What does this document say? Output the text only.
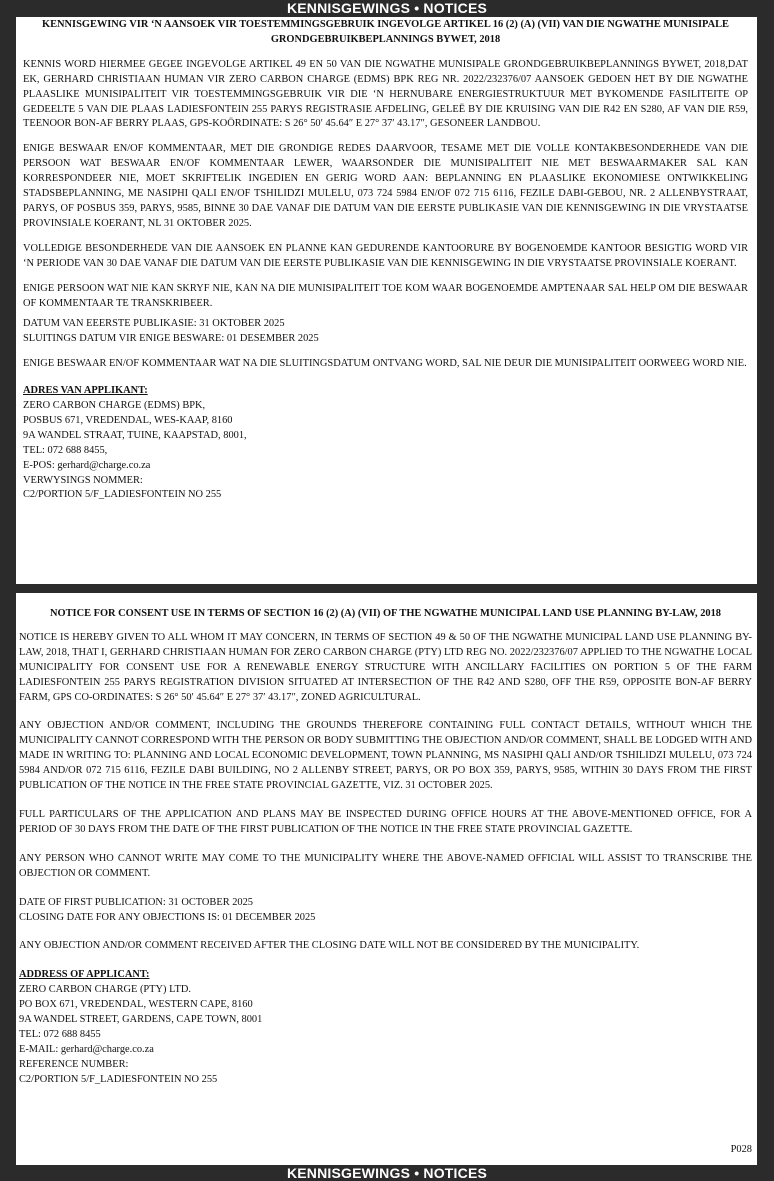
KENNISGEWINGS • NOTICES
KENNISGEWING VIR ‘N AANSOEK VIR TOESTEMMINGSGEBRUIK INGEVOLGE ARTIKEL 16 (2) (A) (VII) VAN DIE NGWATHE MUNISIPALE GRONDGEBRUIKBEPLANNINGS BYWET, 2018

KENNIS WORD HIERMEE GEGEE INGEVOLGE ARTIKEL 49 EN 50 VAN DIE NGWATHE MUNISIPALE GRONDGEBRUIKBEPLANNINGS BYWET, 2018,DAT EK, GERHARD CHRISTIAAN HUMAN VIR ZERO CARBON CHARGE (EDMS) BPK REG NR. 2022/232376/07 AANSOEK GEDOEN HET BY DIE NGWATHE PLAASLIKE MUNISIPALITEIT VIR TOESTEMMINGSGEBRUIK VIR DIE ‘N HERNUBARE ENERGIESTRUKTUUR MET BYKOMENDE FASILITEITE OP GEDEELTE 5 VAN DIE PLAAS LADIESFONTEIN 255 PARYS REGISTRASIE AFDELING, GELEË BY DIE KRUISING VAN DIE R42 EN S280, AF VAN DIE R59, TEENOOR BON-AF BERRY PLAAS, GPS-KOÖRDINATE: S 26° 50′ 45.64″ E 27° 37′ 43.17″, GESONEER LANDBOU.

ENIGE BESWAAR EN/OF KOMMENTAAR, MET DIE GRONDIGE REDES DAARVOOR, TESAME MET DIE VOLLE KONTAKBESONDERHEDE VAN DIE PERSOON WAT BESWAAR EN/OF KOMMENTAAR LEWER, WAARSONDER DIE MUNISIPALITEIT NIE MET BESWAARMAKER SAL KAN KORRESPONDEER NIE, MOET SKRIFTELIK INGEDIEN EN GERIG WORD AAN: BEPLANNING EN PLAASLIKE EKONOMIESE ONTWIKKELING STADSBEPLANNING, ME NASIPHI QALI EN/OF TSHILIDZI MULELU, 073 724 5984 EN/OF 072 715 6116, FEZILE DABI-GEBOU, NR. 2 ALLENBYSTRAAT, PARYS, OF POSBUS 359, PARYS, 9585, BINNE 30 DAE VANAF DIE DATUM VAN DIE EERSTE PUBLIKASIE VAN DIE KENNISGEWING IN DIE VRYSTAATSE PROVINSIALE KOERANT, NL 31 OKTOBER 2025.

VOLLEDIGE BESONDERHEDE VAN DIE AANSOEK EN PLANNE KAN GEDURENDE KANTOORURE BY BOGENOEMDE KANTOOR BESIGTIG WORD VIR ‘N PERIODE VAN 30 DAE VANAF DIE DATUM VAN DIE EERSTE PUBLIKASIE VAN DIE KENNISGEWING IN DIE VRYSTAATSE PROVINSIALE KOERANT.

ENIGE PERSOON WAT NIE KAN SKRYF NIE, KAN NA DIE MUNISIPALITEIT TOE KOM WAAR BOGENOEMDE AMPTENAAR SAL HELP OM DIE BESWAAR OF KOMMENTAAR TE TRANSKRIBEER.

DATUM VAN EEERSTE PUBLIKASIE: 31 OKTOBER 2025
SLUITINGS DATUM VIR ENIGE BESWARE: 01 DESEMBER 2025

ENIGE BESWAAR EN/OF KOMMENTAAR WAT NA DIE SLUITINGSDATUM ONTVANG WORD, SAL NIE DEUR DIE MUNISIPALITEIT OORWEEG WORD NIE.

ADRES VAN APPLIKANT:
ZERO CARBON CHARGE (EDMS) BPK,
POSBUS 671, VREDENDAL, WES-KAAP, 8160
9A WANDEL STRAAT, TUINE, KAAPSTAD, 8001,
TEL: 072 688 8455,
E-POS: gerhard@charge.co.za
VERWYSINGS NOMMER:
C2/PORTION 5/F_LADIESFONTEIN NO 255
NOTICE FOR CONSENT USE IN TERMS OF SECTION 16 (2) (A) (VII) OF THE NGWATHE MUNICIPAL LAND USE PLANNING BY-LAW, 2018

NOTICE IS HEREBY GIVEN TO ALL WHOM IT MAY CONCERN, IN TERMS OF SECTION 49 & 50 OF THE NGWATHE MUNICIPAL LAND USE PLANNING BY-LAW, 2018, THAT I, GERHARD CHRISTIAAN HUMAN FOR ZERO CARBON CHARGE (PTY) LTD REG NO. 2022/232376/07 APPLIED TO THE NGWATHE LOCAL MUNICIPALITY FOR CONSENT USE FOR A RENEWABLE ENERGY STRUCTURE WITH ANCILLARY FACILITIES ON PORTION 5 OF THE FARM LADIESFONTEIN 255 PARYS REGISTRATION DIVISION SITUATED AT INTERSECTION OF THE R42 AND S280, OFF THE R59, OPPOSITE BON-AF BERRY FARM, GPS CO-ORDINATES: S 26° 50′ 45.64″ E 27° 37′ 43.17″, ZONED AGRICULTURAL.

ANY OBJECTION AND/OR COMMENT, INCLUDING THE GROUNDS THEREFORE CONTAINING FULL CONTACT DETAILS, WITHOUT WHICH THE MUNICIPALITY CANNOT CORRESPOND WITH THE PERSON OR BODY SUBMITTING THE OBJECTION AND/OR COMMENT, SHALL BE LODGED WITH AND MADE IN WRITING TO: PLANNING AND LOCAL ECONOMIC DEVELOPMENT, TOWN PLANNING, MS NASIPHI QALI AND/OR TSHILIDZI MULELU, 073 724 5984 AND/OR 072 715 6116, FEZILE DABI BUILDING, NO 2 ALLENBY STREET, PARYS, OR PO BOX 359, PARYS, 9585, WITHIN 30 DAYS FROM THE FIRST PUBLICATION OF THE NOTICE IN THE FREE STATE PROVINCIAL GAZETTE, VIZ. 31 OCTOBER 2025.

FULL PARTICULARS OF THE APPLICATION AND PLANS MAY BE INSPECTED DURING OFFICE HOURS AT THE ABOVE-MENTIONED OFFICE, FOR A PERIOD OF 30 DAYS FROM THE DATE OF THE FIRST PUBLICATION OF THE NOTICE IN THE FREE STATE PROVINCIAL GAZETTE.

ANY PERSON WHO CANNOT WRITE MAY COME TO THE MUNICIPALITY WHERE THE ABOVE-NAMED OFFICIAL WILL ASSIST TO TRANSCRIBE THE OBJECTION OR COMMENT.

DATE OF FIRST PUBLICATION: 31 OCTOBER 2025
CLOSING DATE FOR ANY OBJECTIONS IS: 01 DECEMBER 2025

ANY OBJECTION AND/OR COMMENT RECEIVED AFTER THE CLOSING DATE WILL NOT BE CONSIDERED BY THE MUNICIPALITY.

ADDRESS OF APPLICANT:
ZERO CARBON CHARGE (PTY) LTD.
PO BOX 671, VREDENDAL, WESTERN CAPE, 8160
9A WANDEL STREET, GARDENS, CAPE TOWN, 8001
TEL: 072 688 8455
E-MAIL: gerhard@charge.co.za
REFERENCE NUMBER:
C2/PORTION 5/F_LADIESFONTEIN NO 255
P028
KENNISGEWINGS • NOTICES
